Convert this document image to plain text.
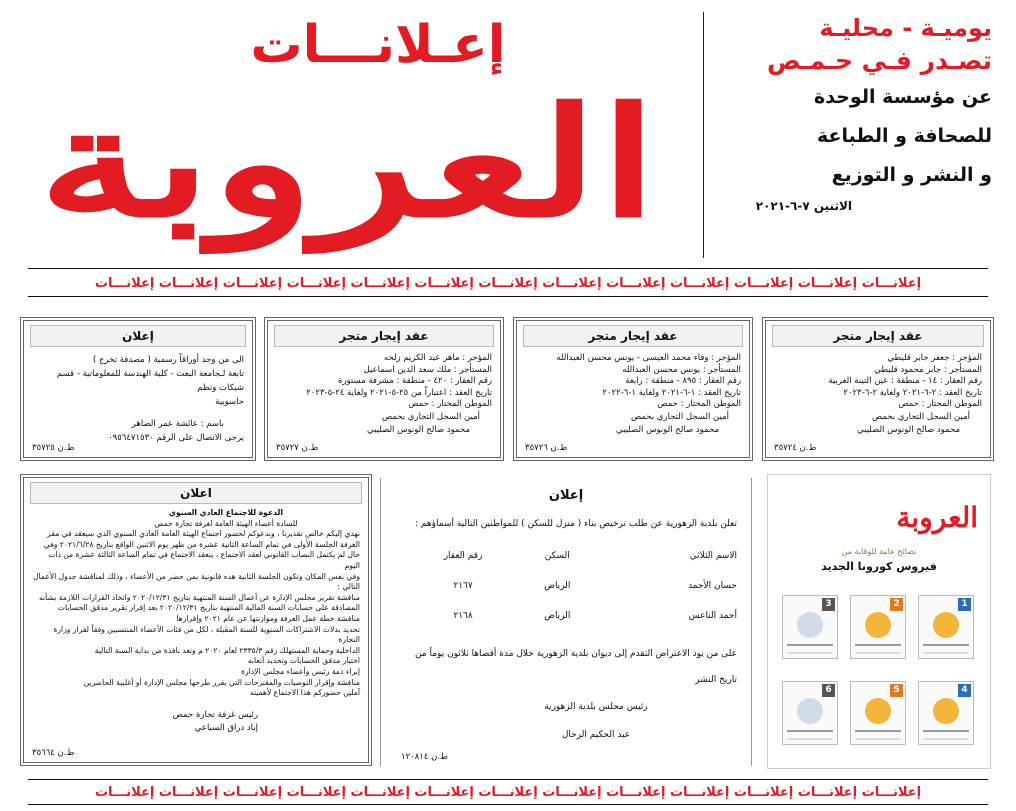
يوميـة - محليـة
تصـدر فـي حـمـص
عن مؤسسة الوحدة
للصحافة و الطباعة
و النشر و التوزيع
الاثنين ٧-٦-٢٠٢١
إعـلانـــات
العروبة
إعلانـــات إعلانـــات إعلانـــات إعلانـــات إعلانـــات إعلانـــات إعلانـــات إعلانـــات إعلانـــات إعلانـــات إعلانـــات إعلانـــات إعلانـــات
عقد إيجار متجر

المؤجر : جعفر جابر قليطي

المستأجر : جابر محمود قليطي

رقم العقار : ١٤ - منطقة : عين التينة الغربية

تاريخ العقد : ٢-٦-٢٠٢١ ولغاية ٢-٦-٢٠٢٣

الموطن المختار : حمص

أمين السجل التجاري بحمص

محمود صالح الونوس الصليبي

ط.ن ٣٥٧٢٤
عقد إيجار متجر

المؤجر : وفاء محمد العيسى - يونس محسن العبدالله

المستأجر : يونس محسن العبدالله

رقم العقار : ٨٩٥ - منطقة : رابعة

تاريخ العقد : ١-٦-٢٠٢١ ولغاية ١-٦-٢٠٢٢

الموطن المختار : حمص

أمين السجل التجاري بحمص

محمود صالح الونوس الصليبي

ط.ن ٣٥٧٢٦
عقد إيجار متجر

المؤجر : ماهر عبد الكريم زلخه

المستأجر : ملك سعد الدين اسماعيل

رقم العقار : ٤٢٠ - منطقة : مشرفة مستورة

تاريخ العقد : اعتباراً من ٢٥-٥-٢٠٢١ ولغاية ٢٤-٥-٢٠٢٣

الموطن المختار : حمص

أمين السجل التجاري بحمص

محمود صالح الونوس الصليبي

ط.ن ٣٥٧٢٧
إعلان

الى من وجد أوراقاً رسمية ( مصدقة تخرج )

تابعة لـجامعة البعث - كلية الهندسة للمعلوماتية - قسم شبكات ونظم

حاسوبية

باسم : عائشة عمر الضاهر

يرجى الاتصال على الرقم ٠٩٥٦٤٧١٥٣٠

ط.ن ٣٥٧٢٥
اعلان

الدعوة للاجتماع العادي السنوي

للسادة أعضاء الهيئة العامة لغرفة تجارة حمص

نهدي إليكم خالص تقديرنا ، وندعوكم لحضور اجتماع الهيئة العامة العادي السنوي الذي سيعقد في مقر

الغرفة الجلسة الأولى في تمام الساعة الثانية عشرة من ظهر يوم الاثنين الواقع بتاريخ ٢٠٢١/٦/٢٨ وفي

حال لم يكتمل النصاب القانوني لعقد الاجتماع ، ينعقد الاجتماع في تمام الساعة الثالثة عشرة من ذات اليوم

وفي نفس المكان وتكون الجلسة الثانية هذه قانونية بمن حضر من الأعضاء ، وذلك لمناقشة جدول الأعمال

التالي :

مناقشة تقرير مجلس الإدارة عن أعمال السنة المنتهية بتاريخ ٢٠٢٠/١٢/٣١ واتخاذ القرارات اللازمة بشأنه

المصادقة على حسابات السنة المالية المنتهية بتاريخ ٢٠٢٠/١٢/٣١ بعد إقرار تقرير مدقق الحسابات

مناقشة خطة عمل الغرفة وموازنتها عن عام ٢٠٢١ وإقرارها

تحديد بدلات الاشتراكات السنوية للسنة المقبلة ، لكل من فئات الأعضاء المنتسبين وفقاً لقرار وزارة التجارة

الداخلية وحماية المستهلك رقم ٢٣٣٥/٣ لعام ٢٠٢٠ م وتعد نافذة من بداية السنة التالية

اختيار مدقق الحسابات وتحديد أتعابه

إبراء ذمة رئيس وأعضاء مجلس الإدارة

مناقشة وإقرار التوصيات والمقترحات التي يقرر طرحها مجلس الإدارة أو أغلبية الحاضرين

آملين حضوركم هذا الاجتماع لأهميته

رئيس غرفة تجارة حمص

إياد دراق السباعي

ط.ن ٣٥٦٦٤
إعلان
تعلن بلدية الزهورية عن طلب ترخيص بناء ( منزل للسكن ) للمواطنين التالية أسماؤهم :
الاسم الثلاثي	السكن	رقم العقار
حسان الأحمد	الرياض	٢١٦٧
أحمد الناعس	الرياض	٢١٦٨
على من يود الاعتراض التقدم إلى ديوان بلدية الزهورية خلال مدة أقصاها ثلاثون يوماً من تاريخ النشر
رئيس مجلس بلدية الزهورية
عبد الحكيم الرحال
ط.ن ١٢٠٨١٤
العروبة
نصائح عامة للوقاية من
فيروس كورونا الجديد
1
2
3
4
5
6
إعلانـــات إعلانـــات إعلانـــات إعلانـــات إعلانـــات إعلانـــات إعلانـــات إعلانـــات إعلانـــات إعلانـــات إعلانـــات إعلانـــات إعلانـــات
